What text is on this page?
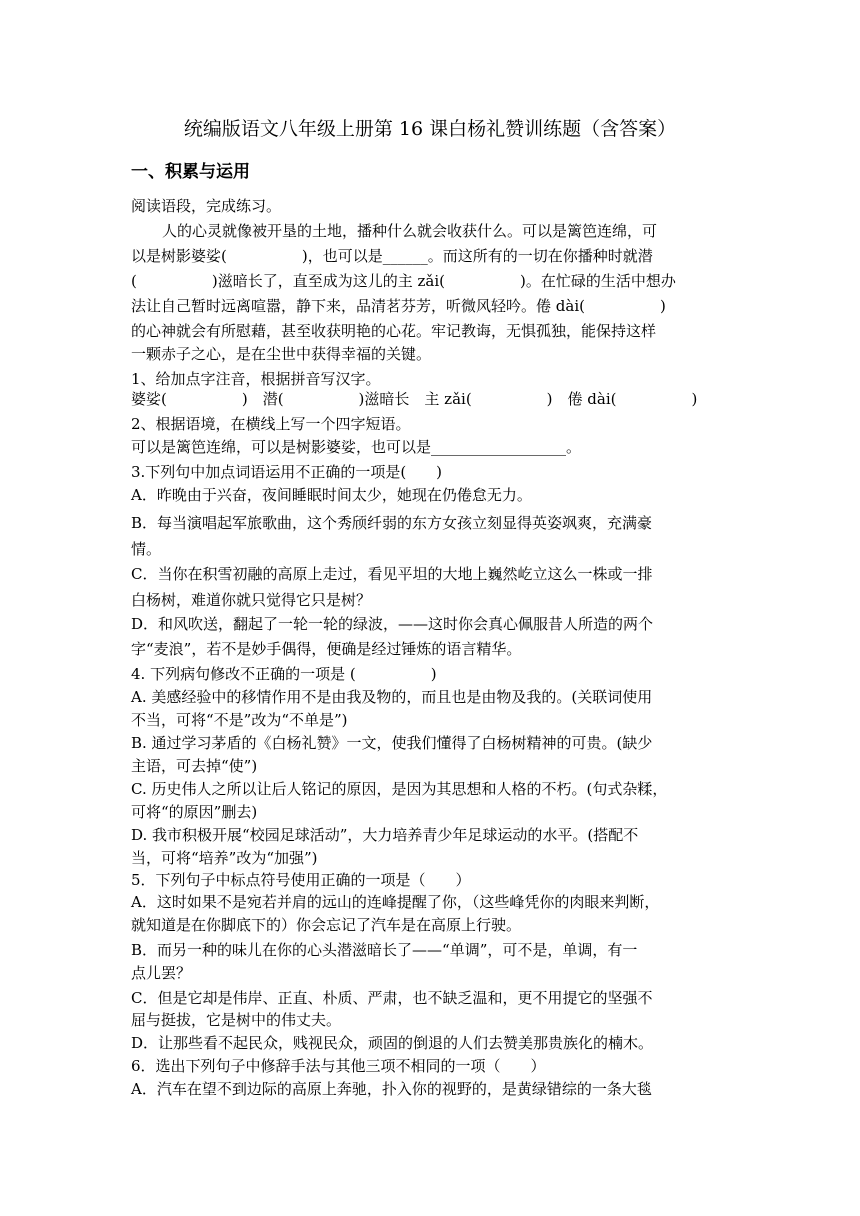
统编版语文八年级上册第 16 课白杨礼赞训练题（含答案）
一、积累与运用
阅读语段，完成练习。
人的心灵就像被开垦的土地，播种什么就会收获什么。可以是篱笆连绵，可
以是树影婆娑(　　　　　)，也可以是______。而这所有的一切在你播种时就潜
(　　　　　)滋暗长了，直至成为这儿的主 zǎi(　　　　　)。在忙碌的生活中想办
法让自己暂时远离喧嚣，静下来，品清茗芬芳，听微风轻吟。倦 dài(　　　　　)
的心神就会有所慰藉，甚至收获明艳的心花。牢记教诲，无惧孤独，能保持这样
一颗赤子之心，是在尘世中获得幸福的关键。
1、给加点字注音，根据拼音写汉字。
婆娑(　　　　　)　潜(　　　　　)滋暗长　主 zǎi(　　　　　)　倦 dài(　　　　　)
2、根据语境，在横线上写一个四字短语。
可以是篱笆连绵，可以是树影婆娑，也可以是__________________。
3.下列句中加点词语运用不正确的一项是(　　)
A．昨晚由于兴奋，夜间睡眠时间太少，她现在仍倦怠无力。
B．每当演唱起军旅歌曲，这个秀颀纤弱的东方女孩立刻显得英姿飒爽，充满豪
情。
C．当你在积雪初融的高原上走过，看见平坦的大地上巍然屹立这么一株或一排
白杨树，难道你就只觉得它只是树？
D．和风吹送，翻起了一轮一轮的绿波，——这时你会真心佩服昔人所造的两个
字“麦浪”，若不是妙手偶得，便确是经过锤炼的语言精华。
4. 下列病句修改不正确的一项是 (　　　　　)
A. 美感经验中的移情作用不是由我及物的，而且也是由物及我的。(关联词使用
不当，可将“不是”改为“不单是”)
B. 通过学习茅盾的《白杨礼赞》一文，使我们懂得了白杨树精神的可贵。(缺少
主语，可去掉“使”)
C. 历史伟人之所以让后人铭记的原因，是因为其思想和人格的不朽。(句式杂糅，
可将“的原因”删去)
D. 我市积极开展“校园足球活动”，大力培养青少年足球运动的水平。(搭配不
当，可将“培养”改为“加强”)
5．下列句子中标点符号使用正确的一项是（　　）
A．这时如果不是宛若并肩的远山的连峰提醒了你，（这些峰凭你的肉眼来判断，
就知道是在你脚底下的）你会忘记了汽车是在高原上行驶。
B．而另一种的味儿在你的心头潜滋暗长了——“单调”，可不是，单调，有一
点儿罢？
C．但是它却是伟岸、正直、朴质、严肃，也不缺乏温和，更不用提它的坚强不
屈与挺拔，它是树中的伟丈夫。
D．让那些看不起民众，贱视民众，顽固的倒退的人们去赞美那贵族化的楠木。
6．选出下列句子中修辞手法与其他三项不相同的一项（　　）
A．汽车在望不到边际的高原上奔驰，扑入你的视野的，是黄绿错综的一条大毯
